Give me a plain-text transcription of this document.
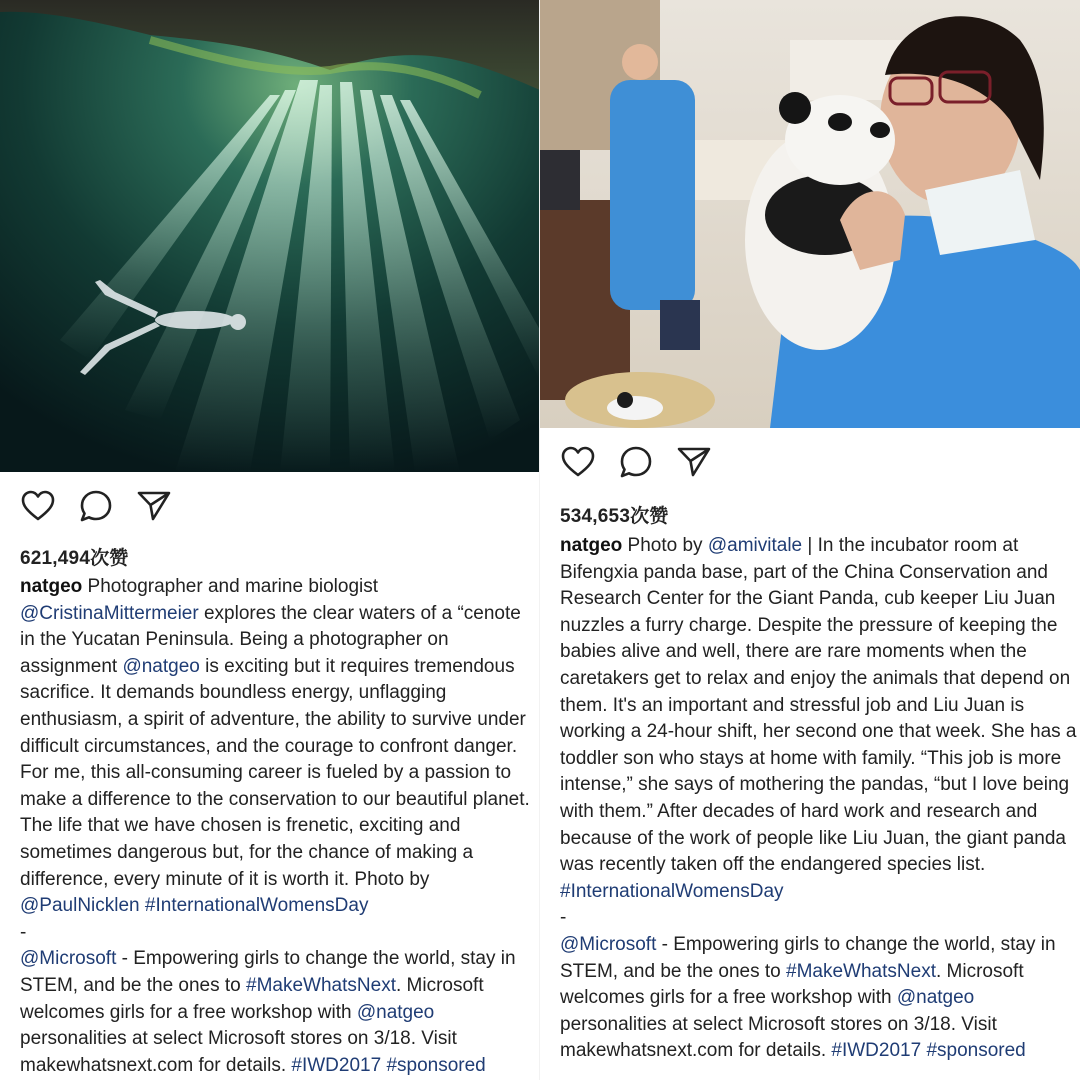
621,494次赞
natgeo Photographer and marine biologist
@CristinaMittermeier explores the clear waters of a “cenote
in the Yucatan Peninsula. Being a photographer on
assignment @natgeo is exciting but it requires tremendous
sacrifice. It demands boundless energy, unflagging
enthusiasm, a spirit of adventure, the ability to survive under
difficult circumstances, and the courage to confront danger.
For me, this all-consuming career is fueled by a passion to
make a difference to the conservation to our beautiful planet.
The life that we have chosen is frenetic, exciting and
sometimes dangerous but, for the chance of making a
difference, every minute of it is worth it. Photo by
@PaulNicklen #InternationalWomensDay
-
@Microsoft - Empowering girls to change the world, stay in
STEM, and be the ones to #MakeWhatsNext. Microsoft
welcomes girls for a free workshop with @natgeo
personalities at select Microsoft stores on 3/18. Visit
makewhatsnext.com for details. #IWD2017 #sponsored
534,653次赞
natgeo Photo by @amivitale | In the incubator room at
Bifengxia panda base, part of the China Conservation and
Research Center for the Giant Panda, cub keeper Liu Juan
nuzzles a furry charge. Despite the pressure of keeping the
babies alive and well, there are rare moments when the
caretakers get to relax and enjoy the animals that depend on
them. It's an important and stressful job and Liu Juan is
working a 24-hour shift, her second one that week. She has a
toddler son who stays at home with family. “This job is more
intense,” she says of mothering the pandas, “but I love being
with them.” After decades of hard work and research and
because of the work of people like Liu Juan, the giant panda
was recently taken off the endangered species list.
#InternationalWomensDay
-
@Microsoft - Empowering girls to change the world, stay in
STEM, and be the ones to #MakeWhatsNext. Microsoft
welcomes girls for a free workshop with @natgeo
personalities at select Microsoft stores on 3/18. Visit
makewhatsnext.com for details. #IWD2017 #sponsored
